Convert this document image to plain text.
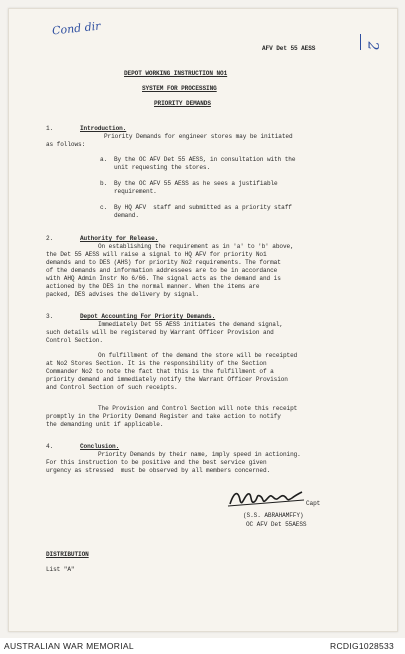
Cond dir
2
AFV Det 55 AESS
DEPOT WORKING INSTRUCTION NO1
SYSTEM FOR PROCESSING
PRIORITY DEMANDS
1.	Introduction.
Priority Demands for engineer stores may be initiated
as follows:
a. By the OC AFV Det 55 AESS, in consultation with the
unit requesting the stores.
b. By the OC AFV 55 AESS as he sees a justifiable
requirement.
c. By HQ AFV  staff and submitted as a priority staff
demand.
2.	Authority for Release.
On establishing the requirement as in 'a' to 'b' above,
the Det 55 AESS will raise a signal to HQ AFV for priority No1
demands and to DES (AHS) for priority No2 requirements. The format
of the demands and information addressees are to be in accordance
with AHQ Admin Instr No 6/66. The signal acts as the demand and is
actioned by the DES in the normal manner. When the items are
packed, DES advises the delivery by signal.
3.	Depot Accounting For Priority Demands.
Immediately Det 55 AESS initiates the demand signal,
such details will be registered by Warrant Officer Provision and
Control Section.
On fulfillment of the demand the store will be receipted
at No2 Stores Section. It is the responsibility of the Section
Commander No2 to note the fact that this is the fulfillment of a
priority demand and immediately notify the Warrant Officer Provision
and Control Section of such receipts.
The Provision and Control Section will note this receipt
promptly in the Priority Demand Register and take action to notify
the demanding unit if applicable.
4.	Conclusion.
Priority Demands by their name, imply speed in actioning.
For this instruction to be positive and the best service given
urgency as stressed  must be observed by all members concerned.
Capt
(S.S. ABRAHAMFFY)
OC AFV Det 55AESS
DISTRIBUTION
List "A"
AUSTRALIAN WAR MEMORIAL	RCDIG1028533
